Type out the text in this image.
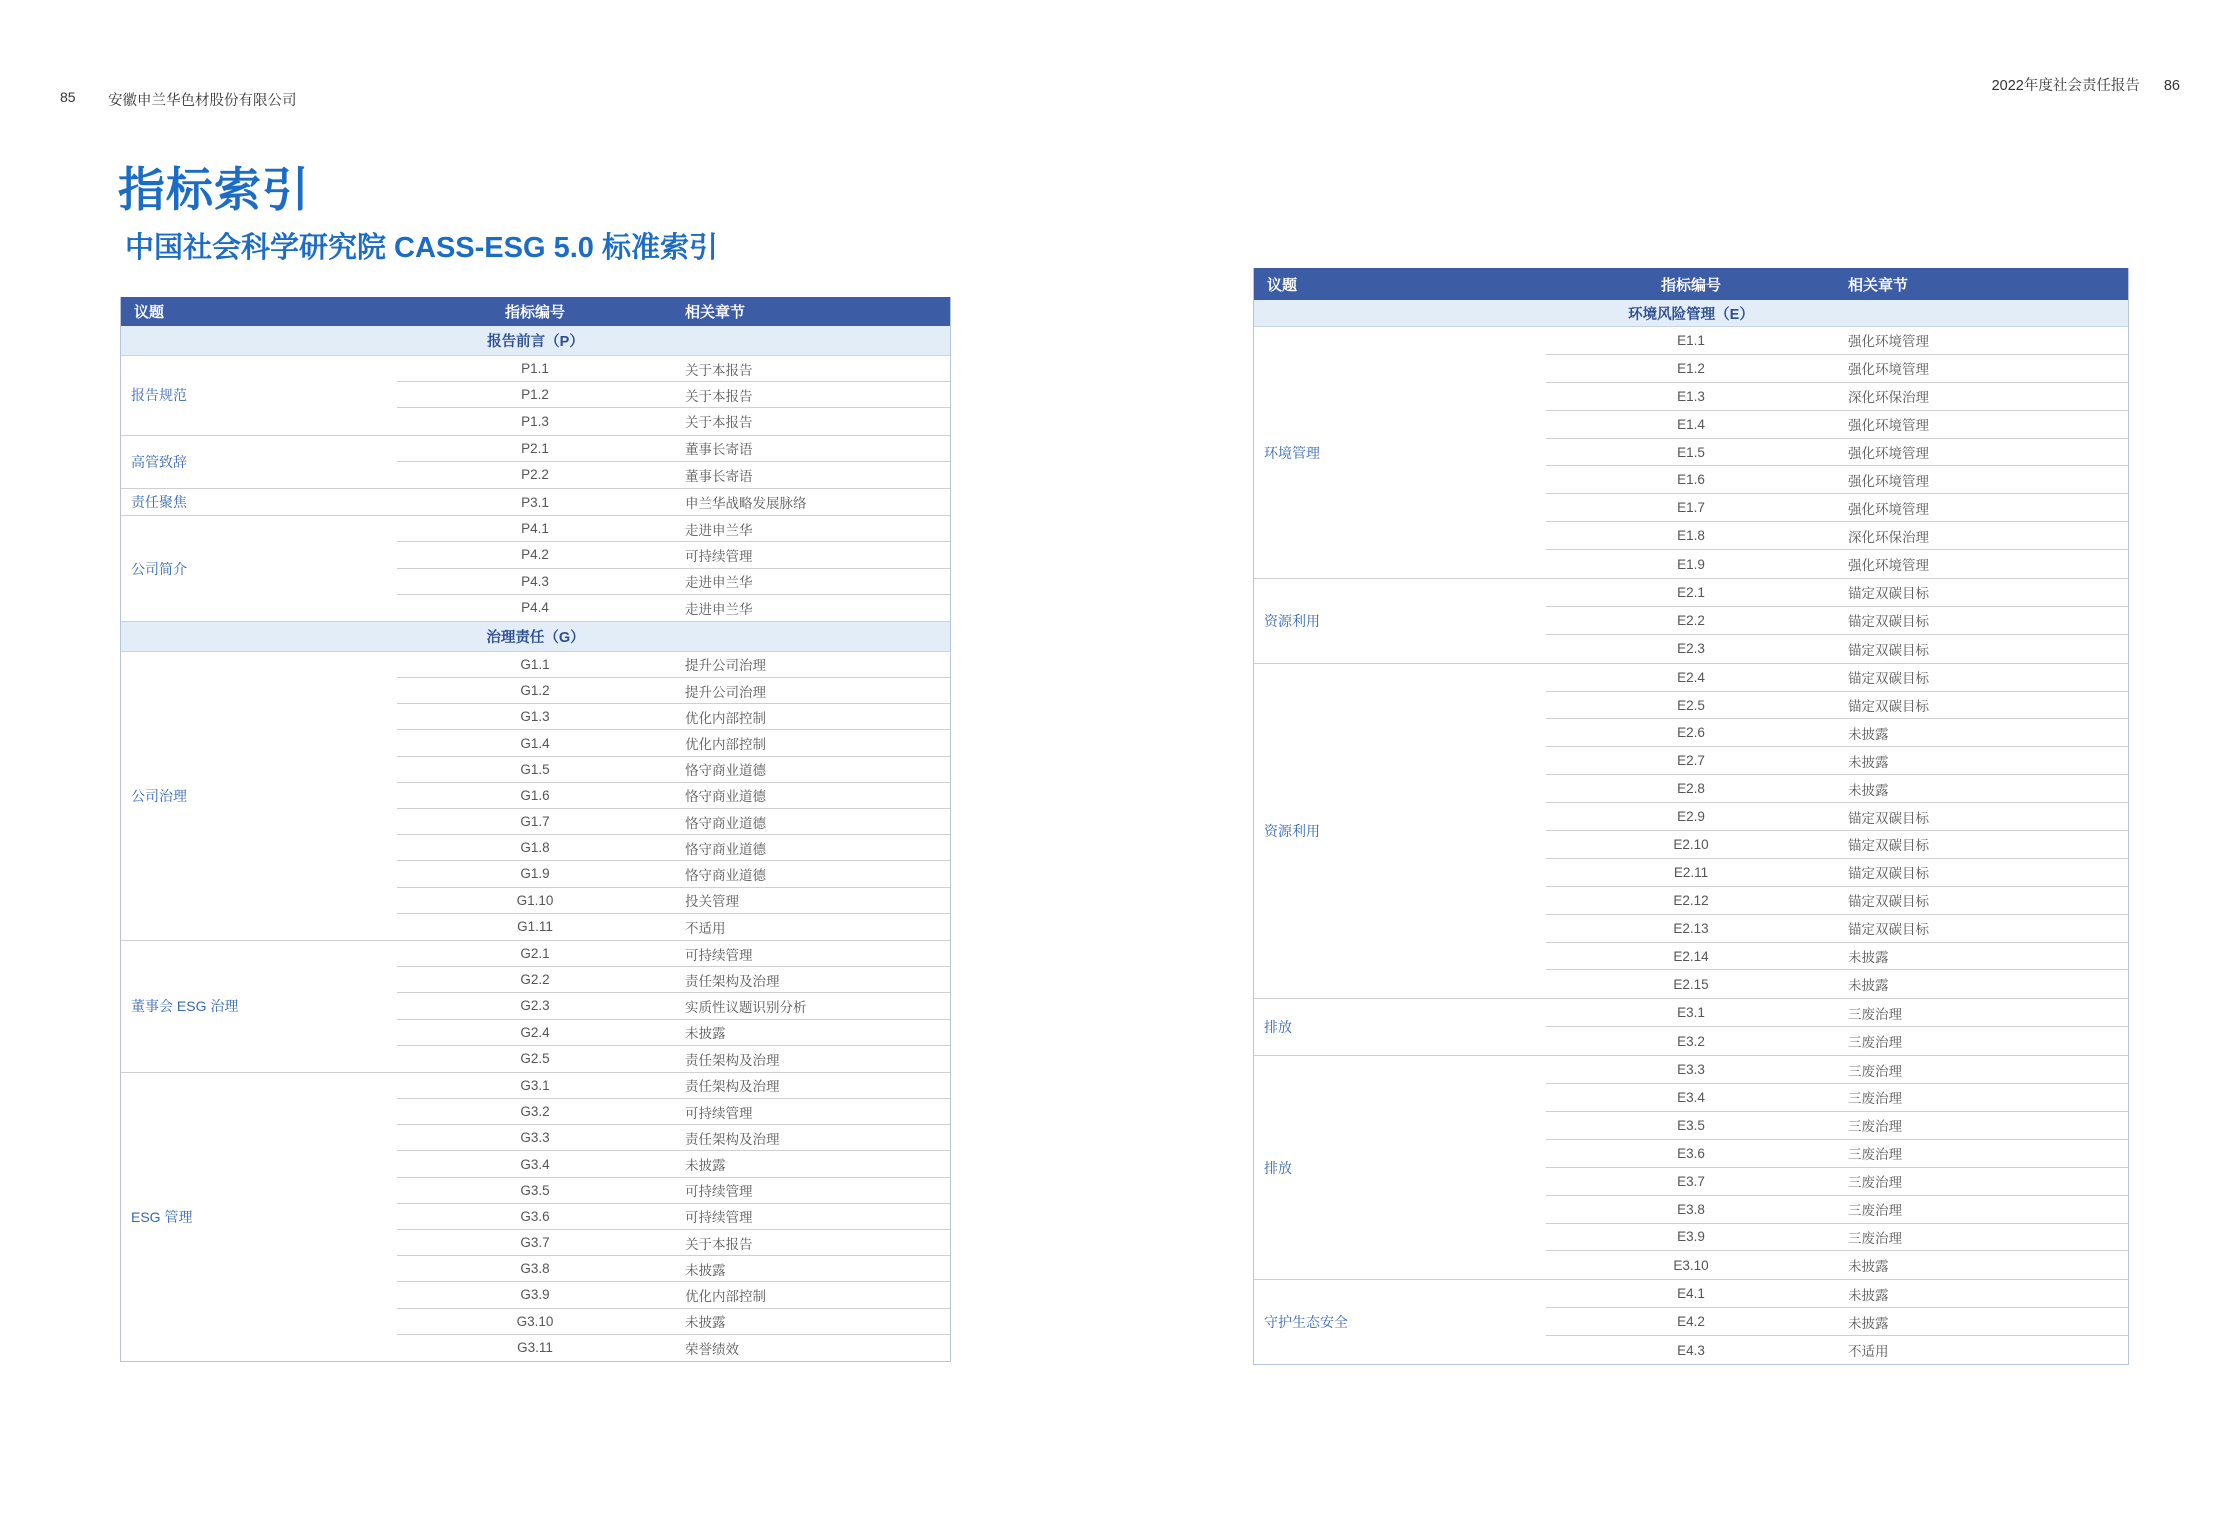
85 安徽申兰华色材股份有限公司
2022年度社会责任报告 86
指标索引
中国社会科学研究院 CASS-ESG 5.0 标准索引
议题	指标编号	相关章节
报告前言（P）
报告规范
P1.1	关于本报告
P1.2	关于本报告
P1.3	关于本报告
高管致辞
P2.1	董事长寄语
P2.2	董事长寄语
责任聚焦	P3.1	申兰华战略发展脉络
公司简介
P4.1	走进申兰华
P4.2	可持续管理
P4.3	走进申兰华
P4.4	走进申兰华
治理责任（G）
公司治理
G1.1	提升公司治理
G1.2	提升公司治理
G1.3	优化内部控制
G1.4	优化内部控制
G1.5	恪守商业道德
G1.6	恪守商业道德
G1.7	恪守商业道德
G1.8	恪守商业道德
G1.9	恪守商业道德
G1.10	投关管理
G1.11	不适用
董事会 ESG 治理
G2.1	可持续管理
G2.2	责任架构及治理
G2.3	实质性议题识别分析
G2.4	未披露
G2.5	责任架构及治理
ESG 管理
G3.1	责任架构及治理
G3.2	可持续管理
G3.3	责任架构及治理
G3.4	未披露
G3.5	可持续管理
G3.6	可持续管理
G3.7	关于本报告
G3.8	未披露
G3.9	优化内部控制
G3.10	未披露
G3.11	荣誉绩效
议题	指标编号	相关章节
环境风险管理（E）
环境管理
E1.1	强化环境管理
E1.2	强化环境管理
E1.3	深化环保治理
E1.4	强化环境管理
E1.5	强化环境管理
E1.6	强化环境管理
E1.7	强化环境管理
E1.8	深化环保治理
E1.9	强化环境管理
资源利用
E2.1	锚定双碳目标
E2.2	锚定双碳目标
E2.3	锚定双碳目标
资源利用
E2.4	锚定双碳目标
E2.5	锚定双碳目标
E2.6	未披露
E2.7	未披露
E2.8	未披露
E2.9	锚定双碳目标
E2.10	锚定双碳目标
E2.11	锚定双碳目标
E2.12	锚定双碳目标
E2.13	锚定双碳目标
E2.14	未披露
E2.15	未披露
排放
E3.1	三废治理
E3.2	三废治理
排放
E3.3	三废治理
E3.4	三废治理
E3.5	三废治理
E3.6	三废治理
E3.7	三废治理
E3.8	三废治理
E3.9	三废治理
E3.10	未披露
守护生态安全
E4.1	未披露
E4.2	未披露
E4.3	不适用
